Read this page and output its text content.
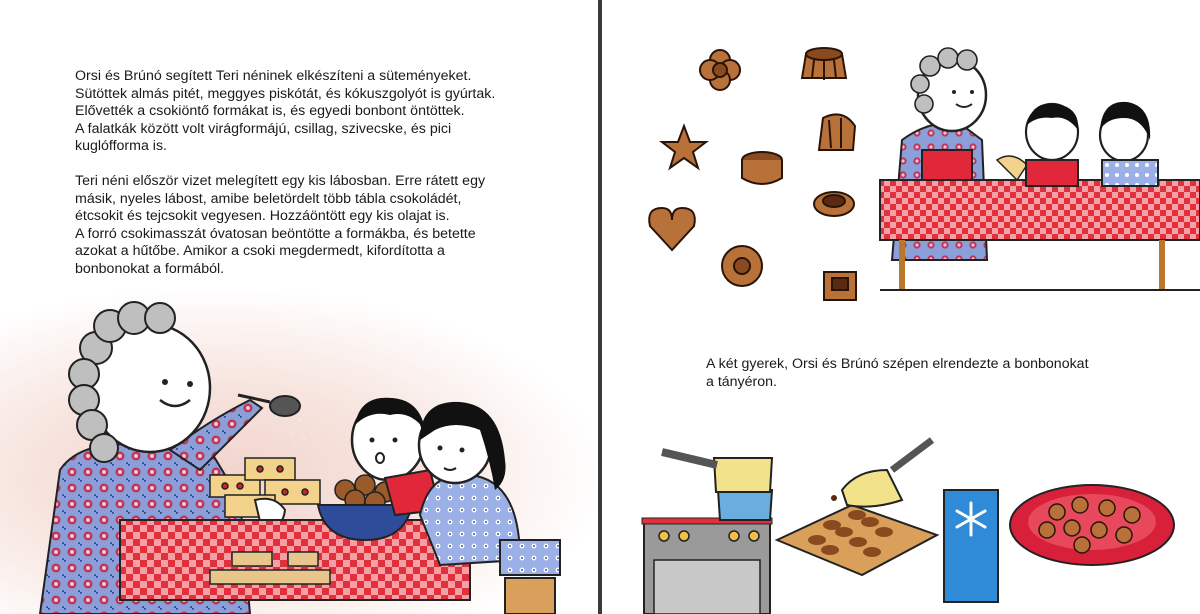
Orsi és Brúnó segített Teri néninek elkészíteni a süteményeket.
Sütöttek almás pitét, meggyes piskótát, és kókuszgolyót is gyúrtak.
Elővették a csokiöntő formákat is, és egyedi bonbont öntöttek.
A falatkák között volt virágformájú, csillag, szivecske, és pici
kuglófforma is.

Teri néni először vizet melegített egy kis lábosban. Erre rátett egy
másik, nyeles lábost, amibe beletördelt több tábla csokoládét,
étcsokit és tejcsokit vegyesen. Hozzáöntött egy kis olajat is.
A forró csokimasszát óvatosan beöntötte a formákba, és betette
azokat a hűtőbe. Amikor a csoki megdermedt, kifordította a
bonbonokat a formából.

A két gyerek, Orsi és Brúnó szépen elrendezte a bonbonokat
a tányéron.
